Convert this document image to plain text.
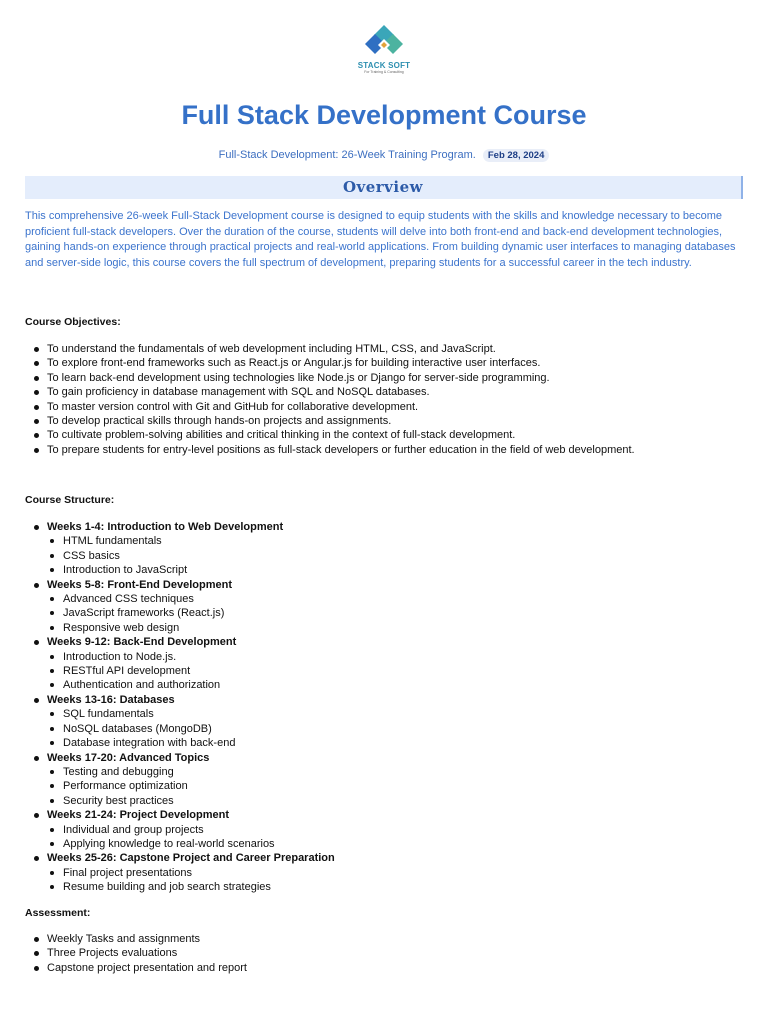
STACK SOFT
For Training & Consulting
Full Stack Development Course
Full-Stack Development: 26-Week Training Program. Feb 28, 2024
Overview

This comprehensive 26-week Full-Stack Development course is designed to equip students with the skills and knowledge necessary to become proficient full-stack developers. Over the duration of the course, students will delve into both front-end and back-end development technologies, gaining hands-on experience through practical projects and real-world applications. From building dynamic user interfaces to managing databases and server-side logic, this course covers the full spectrum of development, preparing students for a successful career in the tech industry.

Course Objectives:
To understand the fundamentals of web development including HTML, CSS, and JavaScript.
To explore front-end frameworks such as React.js or Angular.js for building interactive user interfaces.
To learn back-end development using technologies like Node.js or Django for server-side programming.
To gain proficiency in database management with SQL and NoSQL databases.
To master version control with Git and GitHub for collaborative development.
To develop practical skills through hands-on projects and assignments.
To cultivate problem-solving abilities and critical thinking in the context of full-stack development.
To prepare students for entry-level positions as full-stack developers or further education in the field of web development.
Course Structure:
Weeks 1-4: Introduction to Web Development
HTML fundamentals
CSS basics
Introduction to JavaScript
Weeks 5-8: Front-End Development
Advanced CSS techniques
JavaScript frameworks (React.js)
Responsive web design
Weeks 9-12: Back-End Development
Introduction to Node.js.
RESTful API development
Authentication and authorization
Weeks 13-16: Databases
SQL fundamentals
NoSQL databases (MongoDB)
Database integration with back-end
Weeks 17-20: Advanced Topics
Testing and debugging
Performance optimization
Security best practices
Weeks 21-24: Project Development
Individual and group projects
Applying knowledge to real-world scenarios
Weeks 25-26: Capstone Project and Career Preparation
Final project presentations
Resume building and job search strategies
Assessment:
Weekly Tasks and assignments
Three Projects evaluations
Capstone project presentation and report
